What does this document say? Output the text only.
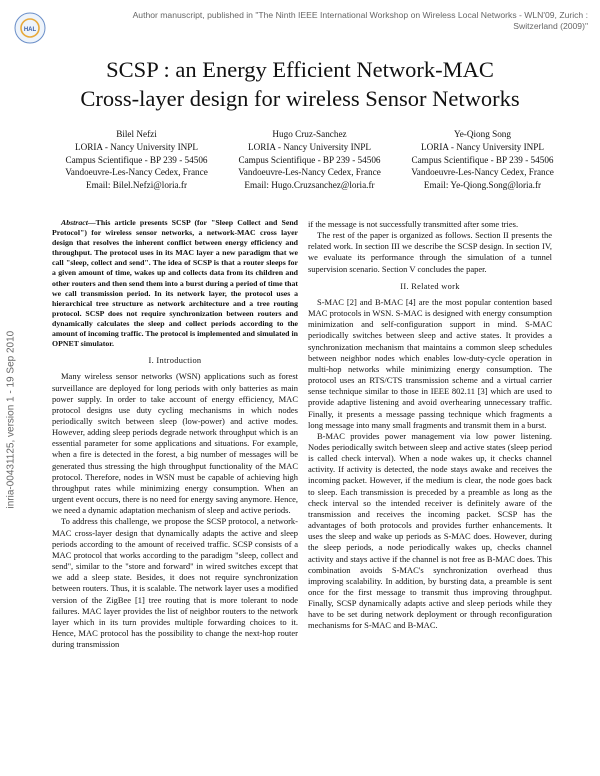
HAL
Author manuscript, published in "The Ninth IEEE International Workshop on Wireless Local Networks - WLN'09, Zurich : Switzerland (2009)"
inria-00431125, version 1 - 19 Sep 2010
SCSP : an Energy Efficient Network-MAC
Cross-layer design for wireless Sensor Networks
Bilel Nefzi
LORIA - Nancy University INPL
Campus Scientifique - BP 239 - 54506
Vandoeuvre-Les-Nancy Cedex, France
Email: Bilel.Nefzi@loria.fr
Hugo Cruz-Sanchez
LORIA - Nancy University INPL
Campus Scientifique - BP 239 - 54506
Vandoeuvre-Les-Nancy Cedex, France
Email: Hugo.Cruzsanchez@loria.fr
Ye-Qiong Song
LORIA - Nancy University INPL
Campus Scientifique - BP 239 - 54506
Vandoeuvre-Les-Nancy Cedex, France
Email: Ye-Qiong.Song@loria.fr

Abstract—This article presents SCSP (for "Sleep Collect and Send Protocol") for wireless sensor networks, a network-MAC cross layer design that resolves the inherent conflict between energy efficiency and throughput. The protocol uses in its MAC layer a new paradigm that we call "sleep, collect and send". The idea of SCSP is that a router sleeps for a given amount of time, wakes up and collects data from its children and other routers and then send them into a burst during a period of time that we call transmission period. In its network layer, the protocol uses a hierarchical tree structure as network architecture and a tree routing protocol. SCSP does not require synchronization between routers and dynamically calculates the sleep and collect periods according to the amount of incoming traffic. The protocol is implemented and simulated in OPNET simulator.

I. Introduction

Many wireless sensor networks (WSN) applications such as forest surveillance are deployed for long periods with only batteries as main power supply. In order to take account of energy efficiency, MAC protocol designs use duty cycling mechanisms in which nodes periodically switch between sleep (low-power) and active modes. However, adding sleep periods degrade network throughput which is an essential parameter for some applications and situations. For example, when a fire is detected in the forest, a big number of messages will be generated thus stressing the high throughput functionality of the MAC protocol. Therefore, nodes in WSN must be capable of achieving high throughput rates while minimizing energy consumption. When an urgent event occurs, there is no need for energy saving anymore. Hence, we need a dynamic adaptation mechanism of sleep and active periods.

To address this challenge, we propose the SCSP protocol, a network-MAC cross-layer design that dynamically adapts the active and sleep periods according to the amount of received traffic. SCSP consists of a MAC protocol that works according to the paradigm "sleep, collect and send", similar to the "store and forward" in wired switches except that we add a sleep state. Besides, it does not require synchronization between routers. Thus, it is scalable. The network layer uses a modified version of the ZigBee [1] tree routing that is more tolerant to node failures. MAC layer provides the list of neighbor routers to the network layer which in its turn provides multiple forwarding choices to it. Hence, MAC protocol has the possibility to change the next-hop router during transmission

if the message is not successfully transmitted after some tries.

The rest of the paper is organized as follows. Section II presents the related work. In section III we describe the SCSP design. In section IV, we evaluate its performance through the simulation of a tunnel supervision scenario. Section V concludes the paper.

II. Related work

S-MAC [2] and B-MAC [4] are the most popular contention based MAC protocols in WSN. S-MAC is designed with energy consumption minimization and self-configuration support in mind. S-MAC periodically switches between sleep and active states. It provides a synchronization mechanism that maintains a common sleep schedules between neighbor nodes which enables low-duty-cycle operation in multi-hop networks while minimizing energy consumption. The protocol uses an RTS/CTS transmission scheme and a virtual carrier sense technique similar to those in IEEE 802.11 [3] which are used to provide adaptive listening and avoid overhearing unnecessary traffic. Finally, it presents a message passing technique which fragments a long message into many small fragments and transmit them in a burst.

B-MAC provides power management via low power listening. Nodes periodically switch between sleep and active states (sleep period is called check interval). When a node wakes up, it checks channel activity. If activity is detected, the node stays awake and receives the incoming packet. However, if the medium is clear, the node goes back to sleep. Each transmission is preceded by a preamble as long as the check interval so the intended receiver is definitely aware of the transmission and receives the incoming packet. SCSP has the advantages of both protocols and provides further enhancements. It uses the sleep and wake up periods as S-MAC does. However, during the sleep periods, a node periodically wakes up, checks channel activity and stays active if the channel is not free as B-MAC does. This combination avoids S-MAC's synchronization overhead thus improving scalability. In addition, by bursting data, a preamble is sent once for the first message to transmit thus improving throughput. Finally, SCSP dynamically adapts active and sleep periods while they have to be set during network deployment or through reconfiguration mechanisms for S-MAC and B-MAC.
